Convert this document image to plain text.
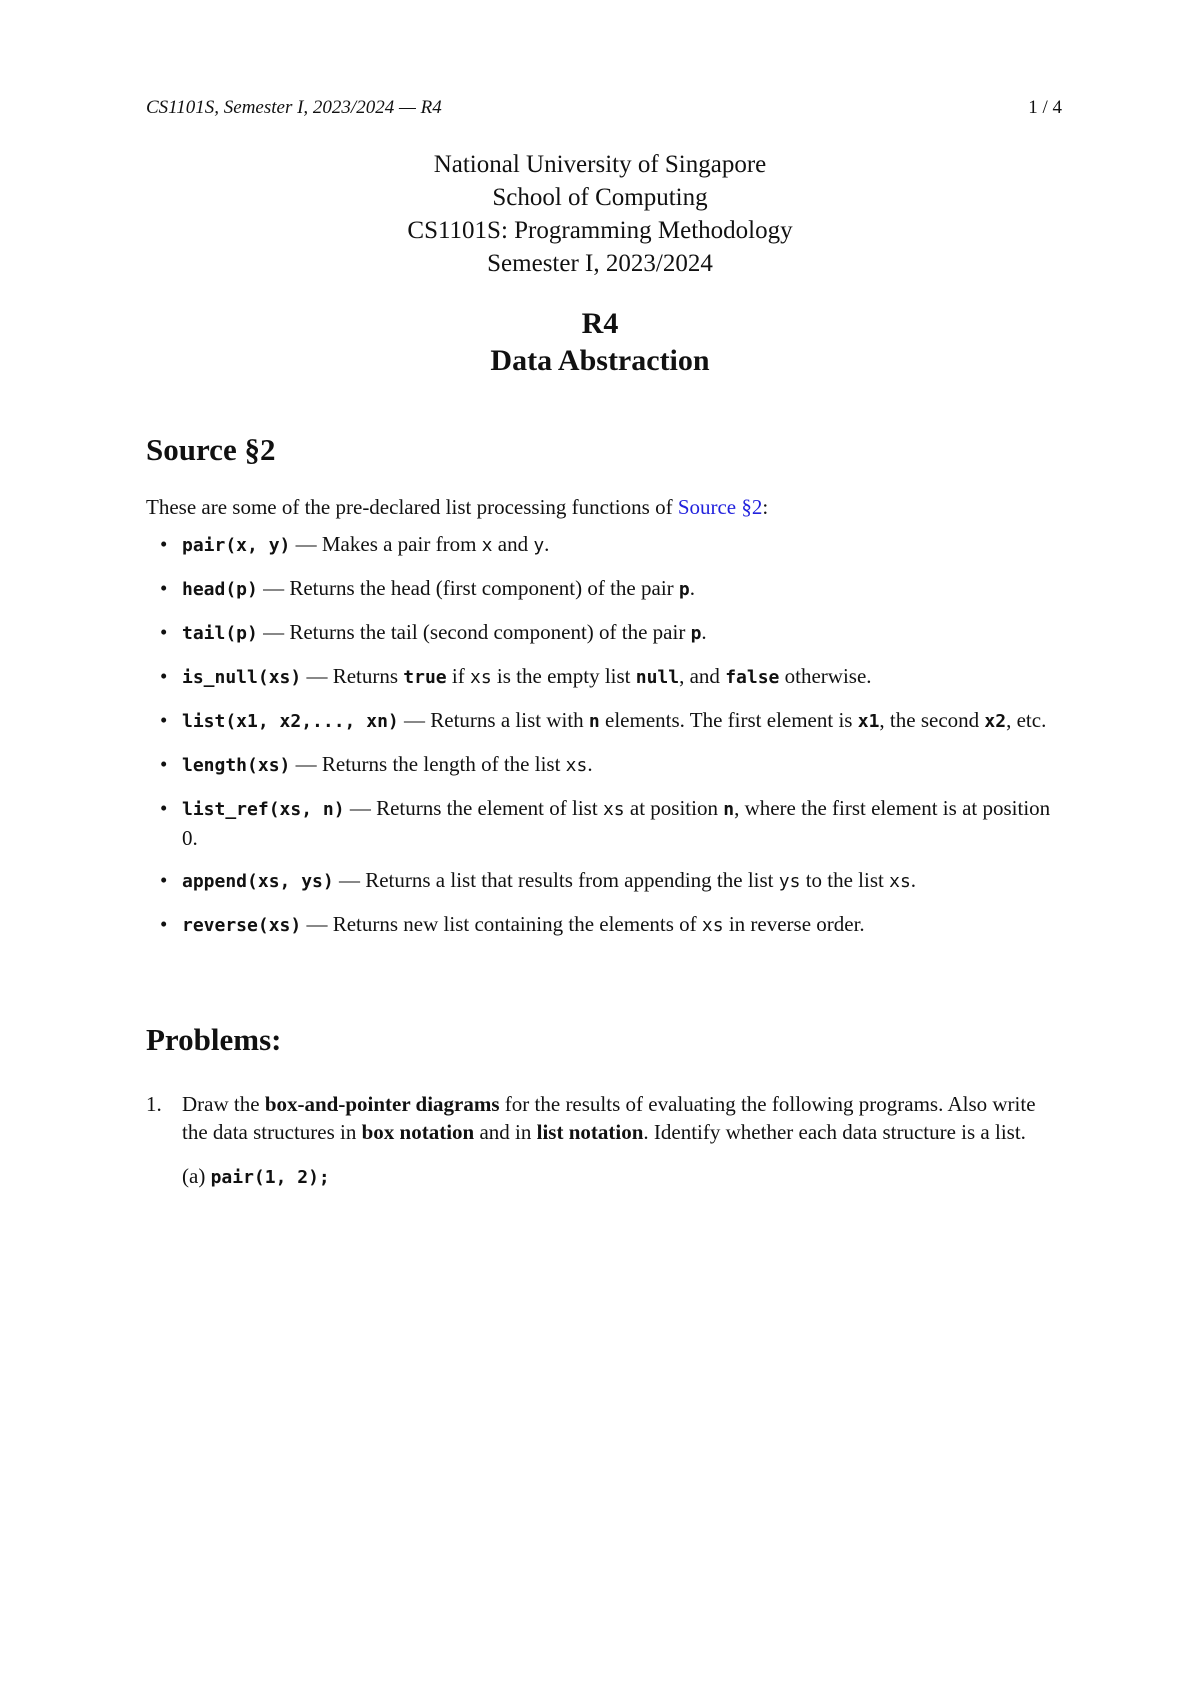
CS1101S, Semester I, 2023/2024 — R4	1 / 4
National University of Singapore
School of Computing
CS1101S: Programming Methodology
Semester I, 2023/2024
R4
Data Abstraction
Source §2
These are some of the pre-declared list processing functions of Source §2:
• pair(x, y) — Makes a pair from x and y.
• head(p) — Returns the head (first component) of the pair p.
• tail(p) — Returns the tail (second component) of the pair p.
• is_null(xs) — Returns true if xs is the empty list null, and false otherwise.
• list(x1, x2,..., xn) — Returns a list with n elements. The first element is x1, the second x2, etc.
• length(xs) — Returns the length of the list xs.
• list_ref(xs, n) — Returns the element of list xs at position n, where the first element is at position 0.
• append(xs, ys) — Returns a list that results from appending the list ys to the list xs.
• reverse(xs) — Returns new list containing the elements of xs in reverse order.
Problems:
1. Draw the box-and-pointer diagrams for the results of evaluating the following programs. Also write the data structures in box notation and in list notation. Identify whether each data structure is a list.
(a) pair(1, 2);
